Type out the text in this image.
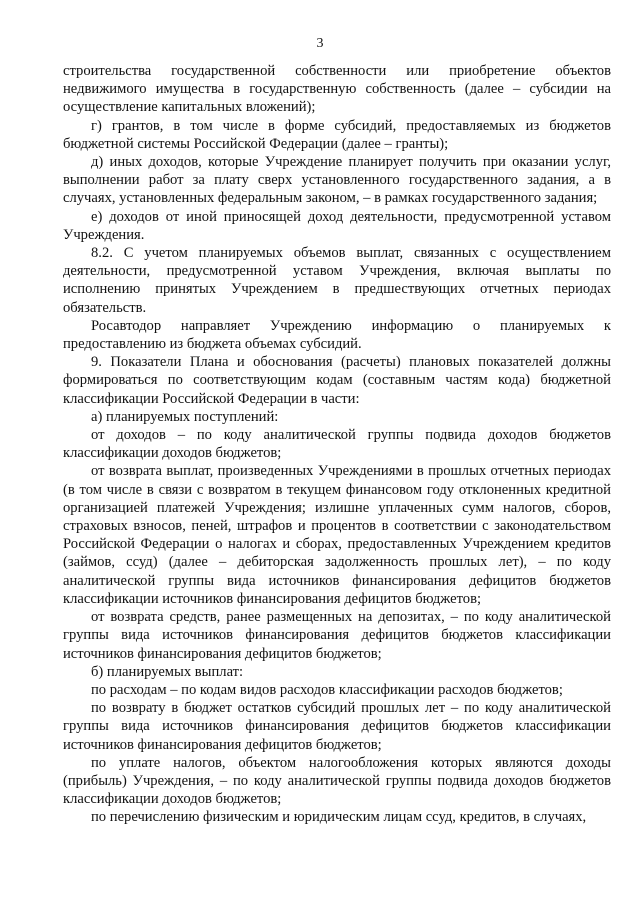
3

строительства государственной собственности или приобретение объектов недвижимого имущества в государственную собственность (далее – субсидии на осуществление капитальных вложений);

г) грантов, в том числе в форме субсидий, предоставляемых из бюджетов бюджетной системы Российской Федерации (далее – гранты);

д) иных доходов, которые Учреждение планирует получить при оказании услуг, выполнении работ за плату сверх установленного государственного задания, а в случаях, установленных федеральным законом, – в рамках государственного задания;

е) доходов от иной приносящей доход деятельности, предусмотренной уставом Учреждения.

8.2. С учетом планируемых объемов выплат, связанных с осуществлением деятельности, предусмотренной уставом Учреждения, включая выплаты по исполнению принятых Учреждением в предшествующих отчетных периодах обязательств.

Росавтодор направляет Учреждению информацию о планируемых к предоставлению из бюджета объемах субсидий.

9. Показатели Плана и обоснования (расчеты) плановых показателей должны формироваться по соответствующим кодам (составным частям кода) бюджетной классификации Российской Федерации в части:

а) планируемых поступлений:

от доходов – по коду аналитической группы подвида доходов бюджетов классификации доходов бюджетов;

от возврата выплат, произведенных Учреждениями в прошлых отчетных периодах (в том числе в связи с возвратом в текущем финансовом году отклоненных кредитной организацией платежей Учреждения; излишне уплаченных сумм налогов, сборов, страховых взносов, пеней, штрафов и процентов в соответствии с законодательством Российской Федерации о налогах и сборах, предоставленных Учреждением кредитов (займов, ссуд) (далее – дебиторская задолженность прошлых лет), – по коду аналитической группы вида источников финансирования дефицитов бюджетов классификации источников финансирования дефицитов бюджетов;

от возврата средств, ранее размещенных на депозитах, – по коду аналитической группы вида источников финансирования дефицитов бюджетов классификации источников финансирования дефицитов бюджетов;

б) планируемых выплат:

по расходам – по кодам видов расходов классификации расходов бюджетов;

по возврату в бюджет остатков субсидий прошлых лет – по коду аналитической группы вида источников финансирования дефицитов бюджетов классификации источников финансирования дефицитов бюджетов;

по уплате налогов, объектом налогообложения которых являются доходы (прибыль) Учреждения, – по коду аналитической группы подвида доходов бюджетов классификации доходов бюджетов;

по перечислению физическим и юридическим лицам ссуд, кредитов, в случаях,
